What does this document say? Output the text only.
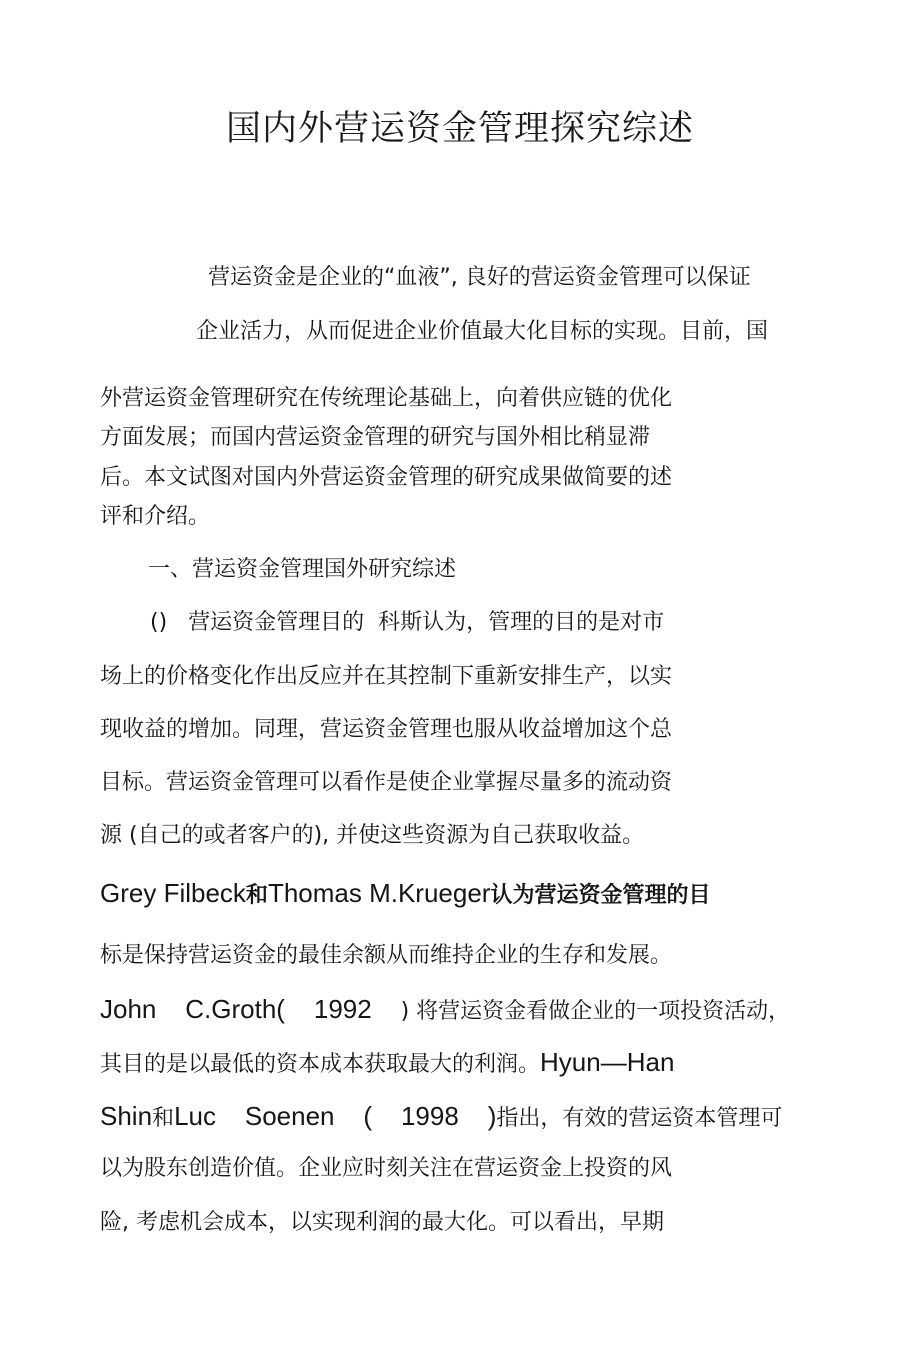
国内外营运资金管理探究综述
营运资金是企业的“血液”, 良好的营运资金管理可以保证
企业活力，从而促进企业价值最大化目标的实现。目前，国
外营运资金管理研究在传统理论基础上，向着供应链的优化
方面发展；而国内营运资金管理的研究与国外相比稍显滞
后。本文试图对国内外营运资金管理的研究成果做简要的述
评和介绍。
一、营运资金管理国外研究综述
()   营运资金管理目的  科斯认为，管理的目的是对市
场上的价格变化作出反应并在其控制下重新安排生产，以实
现收益的增加。同理，营运资金管理也服从收益增加这个总
目标。营运资金管理可以看作是使企业掌握尽量多的流动资
源 (自己的或者客户的), 并使这些资源为自己获取收益。
Grey Filbeck和Thomas M.Krueger认为营运资金管理的目
标是保持营运资金的最佳余额从而维持企业的生存和发展。
John    C.Groth(    1992    ) 将营运资金看做企业的一项投资活动，
其目的是以最低的资本成本获取最大的利润。Hyun—Han
Shin和Luc    Soenen    (    1998    )指出，有效的营运资本管理可
以为股东创造价值。企业应时刻关注在营运资金上投资的风
险, 考虑机会成本，以实现利润的最大化。可以看出，早期
